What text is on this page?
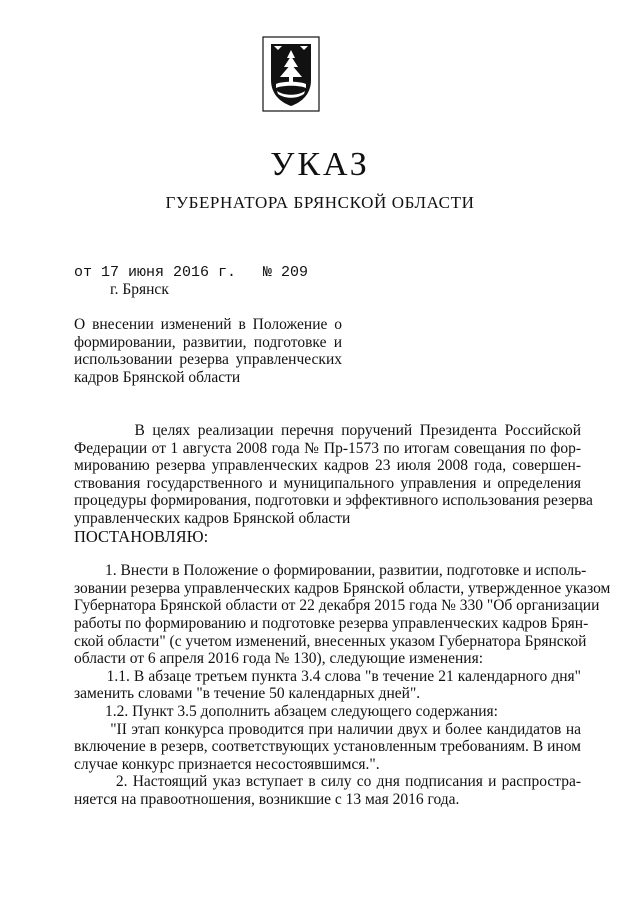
УКАЗ
ГУБЕРНАТОРА БРЯНСКОЙ ОБЛАСТИ
от 17 июня 2016 г. № 209
г. Брянск
О внесении изменений в Положение о
формировании, развитии, подготовке и
использовании резерва управленческих
кадров Брянской области
В целях реализации перечня поручений Президента Российской
Федерации от 1 августа 2008 года № Пр-1573 по итогам совещания по фор-
мированию резерва управленческих кадров 23 июля 2008 года, совершен-
ствования государственного и муниципального управления и определения
процедуры формирования, подготовки и эффективного использования резерва
управленческих кадров Брянской области
ПОСТАНОВЛЯЮ:
1. Внести в Положение о формировании, развитии, подготовке и исполь-
зовании резерва управленческих кадров Брянской области, утвержденное указом
Губернатора Брянской области от 22 декабря 2015 года № 330 "Об организации
работы по формированию и подготовке резерва управленческих кадров Брян-
ской области" (с учетом изменений, внесенных указом Губернатора Брянской
области от 6 апреля 2016 года № 130), следующие изменения:
1.1. В абзаце третьем пункта 3.4 слова "в течение 21 календарного дня"
заменить словами "в течение 50 календарных дней".
1.2. Пункт 3.5 дополнить абзацем следующего содержания:
"II этап конкурса проводится при наличии двух и более кандидатов на
включение в резерв, соответствующих установленным требованиям. В ином
случае конкурс признается несостоявшимся.".
2. Настоящий указ вступает в силу со дня подписания и распростра-
няется на правоотношения, возникшие с 13 мая 2016 года.
